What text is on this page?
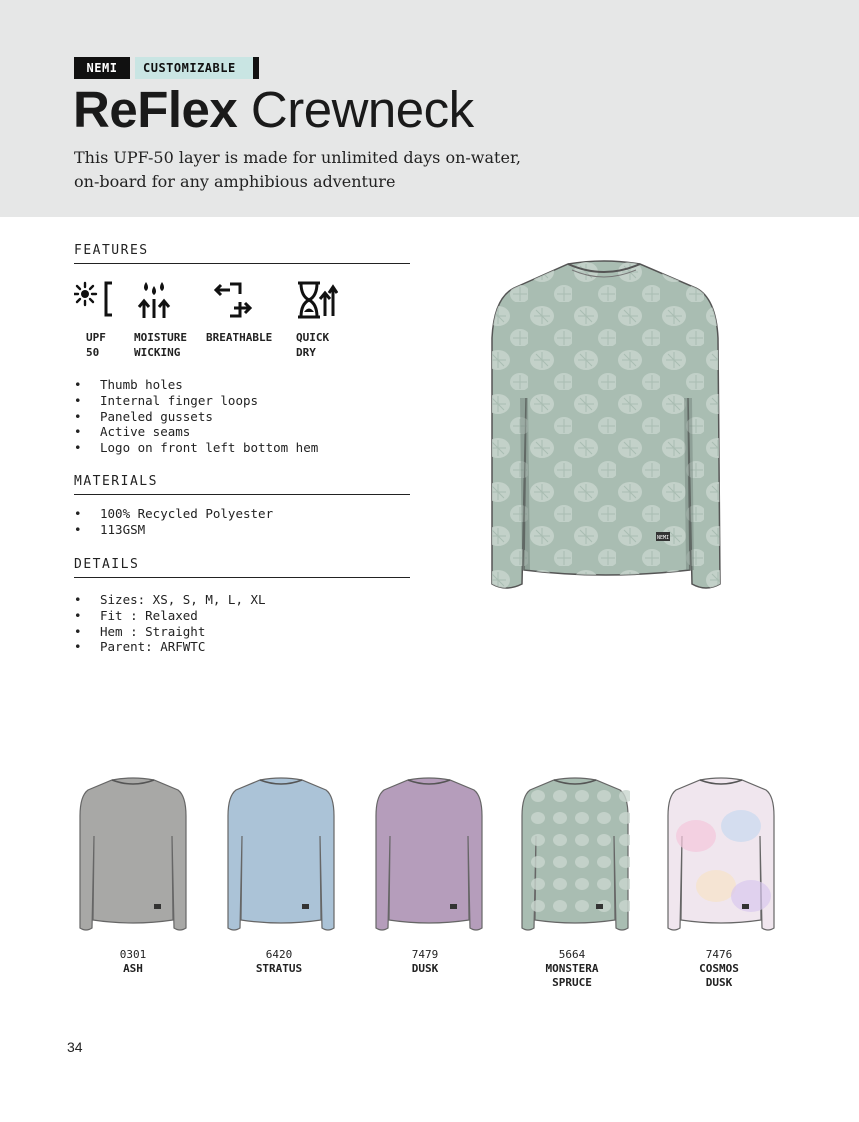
NEMI	CUSTOMIZABLE
ReFlex Crewneck
This UPF-50 layer is made for unlimited days on-water,
on-board for any amphibious adventure
FEATURES
UPF
50
MOISTURE
WICKING
BREATHABLE QUICK
DRY
• Thumb holes
• Internal finger loops
• Paneled gussets
• Active seams
• Logo on front left bottom hem
MATERIALS
• 100% Recycled Polyester
• 113GSM
DETAILS
• Sizes: XS, S, M, L, XL
• Fit : Relaxed
• Hem : Straight
• Parent: ARFWTC
NEMI
0301
ASH
6420
STRATUS
7479
DUSK
5664
MONSTERA
SPRUCE
7476
COSMOS
DUSK
34
